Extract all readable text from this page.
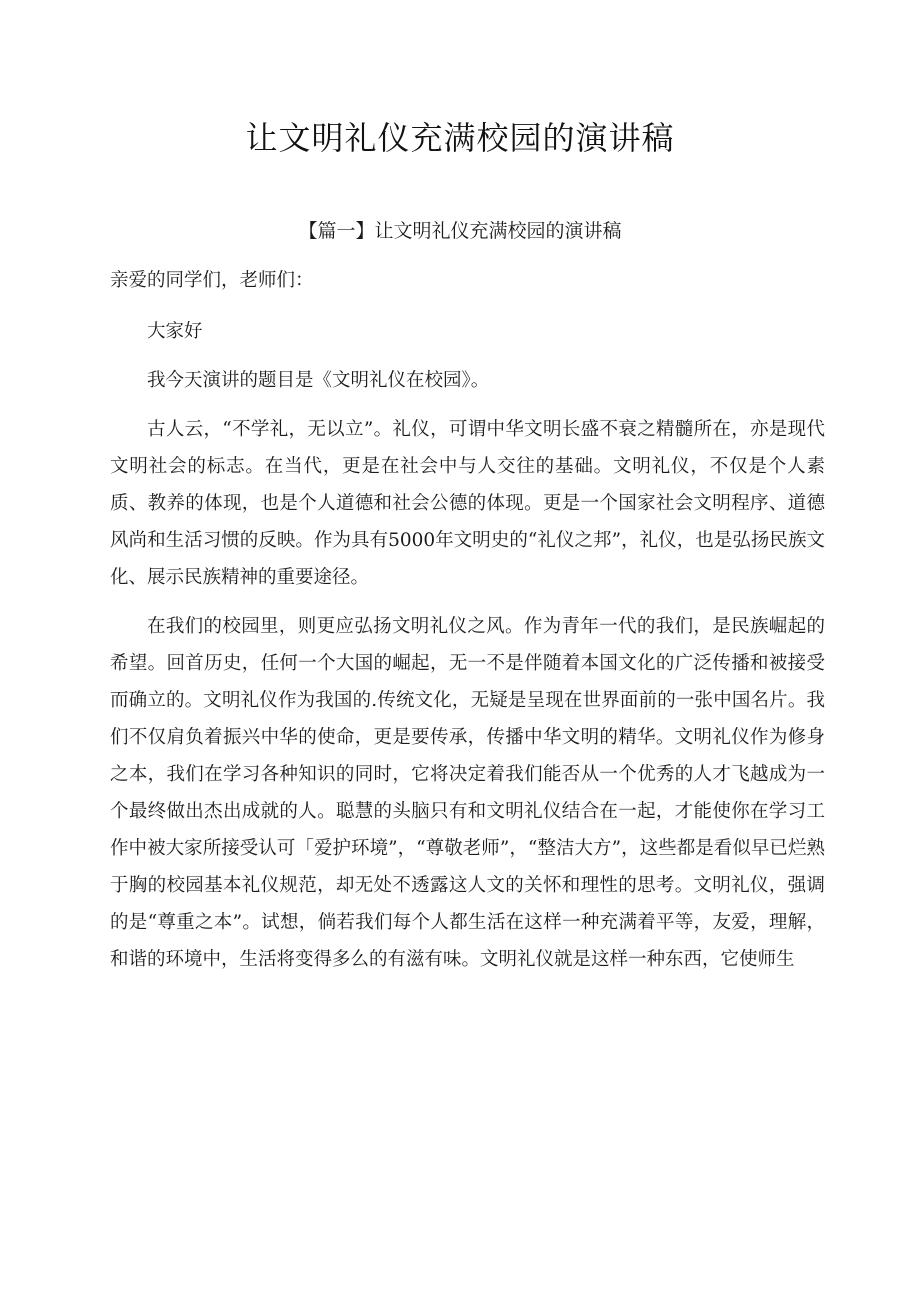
让文明礼仪充满校园的演讲稿
【篇一】让文明礼仪充满校园的演讲稿
亲爱的同学们，老师们：

大家好

我今天演讲的题目是《文明礼仪在校园》。

古人云，“不学礼，无以立”。礼仪，可谓中华文明长盛不衰之精髓所在，亦是现代文明社会的标志。在当代，更是在社会中与人交往的基础。文明礼仪，不仅是个人素质、教养的体现，也是个人道德和社会公德的体现。更是一个国家社会文明程序、道德风尚和生活习惯的反映。作为具有5000年文明史的“礼仪之邦”，礼仪，也是弘扬民族文化、展示民族精神的重要途径。

在我们的校园里，则更应弘扬文明礼仪之风。作为青年一代的我们，是民族崛起的希望。回首历史，任何一个大国的崛起，无一不是伴随着本国文化的广泛传播和被接受而确立的。文明礼仪作为我国的.传统文化，无疑是呈现在世界面前的一张中国名片。我们不仅肩负着振兴中华的使命，更是要传承，传播中华文明的精华。文明礼仪作为修身之本，我们在学习各种知识的同时，它将决定着我们能否从一个优秀的人才飞越成为一个最终做出杰出成就的人。聪慧的头脑只有和文明礼仪结合在一起，才能使你在学习工作中被大家所接受认可「爱护环境”，“尊敬老师”，“整洁大方”，这些都是看似早已烂熟于胸的校园基本礼仪规范，却无处不透露这人文的关怀和理性的思考。文明礼仪，强调的是“尊重之本”。试想，倘若我们每个人都生活在这样一种充满着平等，友爱，理解，和谐的环境中，生活将变得多么的有滋有味。文明礼仪就是这样一种东西，它使师生
